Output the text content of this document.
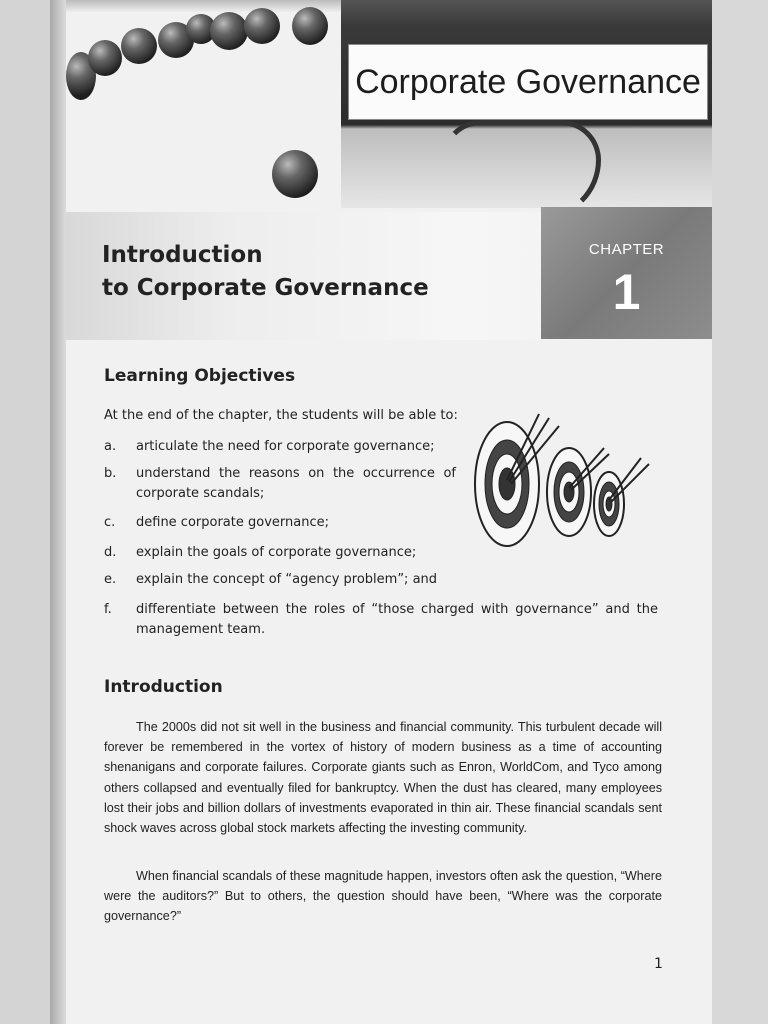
Corporate Governance
CHAPTER
1
Introduction
to Corporate Governance
Learning Objectives
At the end of the chapter, the students will be able to:
a.	articulate the need for corporate governance;
b.	understand the reasons on the occurrence of corporate scandals;
c.	define corporate governance;
d.	explain the goals of corporate governance;
e.	explain the concept of “agency problem”; and
f.	differentiate between the roles of “those charged with governance” and the management team.
Introduction
The 2000s did not sit well in the business and financial community. This turbulent decade will forever be remembered in the vortex of history of modern business as a time of accounting shenanigans and corporate failures. Corporate giants such as Enron, WorldCom, and Tyco among others collapsed and eventually filed for bankruptcy. When the dust has cleared, many employees lost their jobs and billion dollars of investments evaporated in thin air. These financial scandals sent shock waves across global stock markets affecting the investing community.
When financial scandals of these magnitude happen, investors often ask the question, “Where were the auditors?” But to others, the question should have been, “Where was the corporate governance?”
1
